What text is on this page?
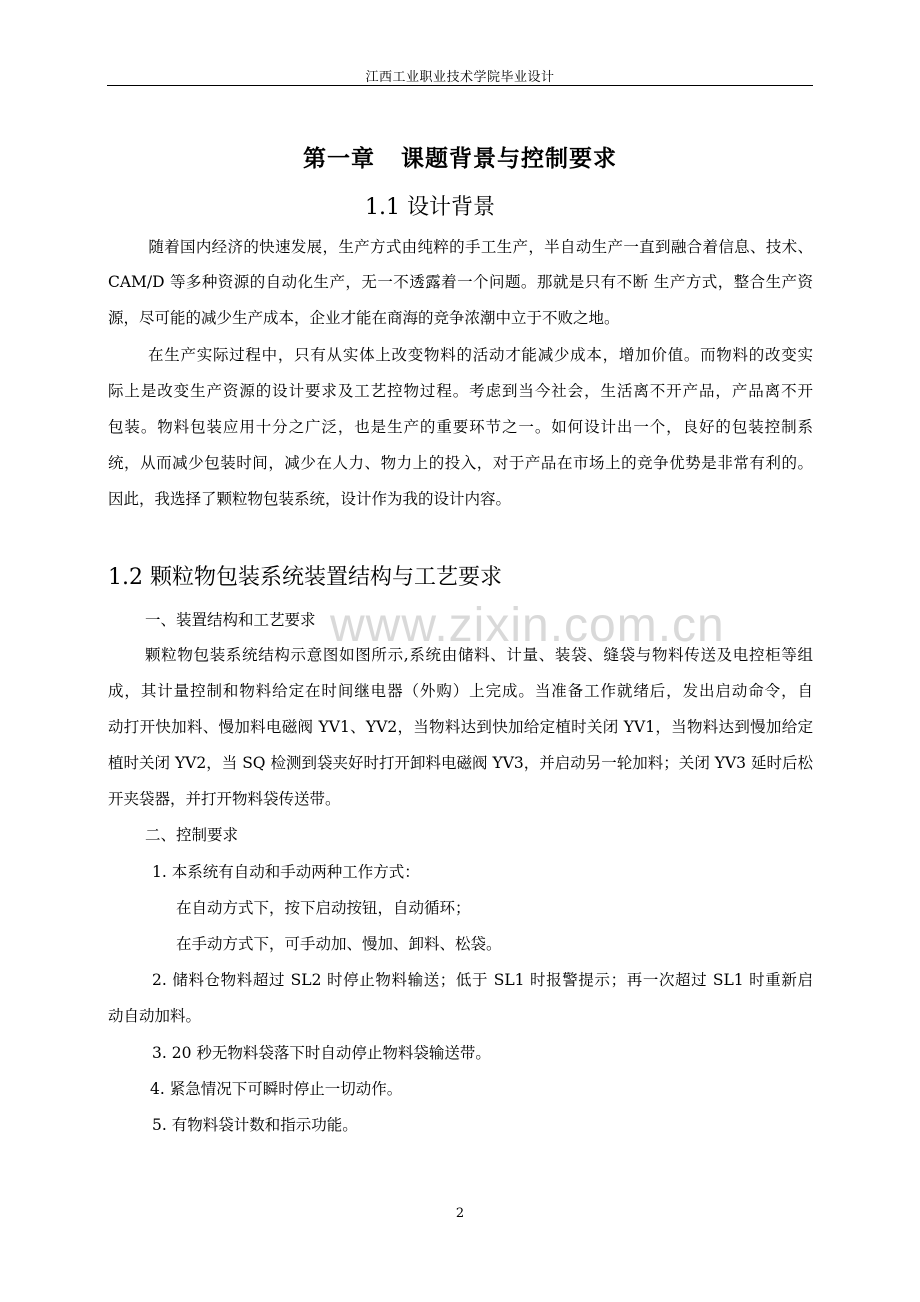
江西工业职业技术学院毕业设计
第一章 课题背景与控制要求
1.1 设计背景
随着国内经济的快速发展，生产方式由纯粹的手工生产，半自动生产一直到融合着信息、技术、
CAM/D 等多种资源的自动化生产，无一不透露着一个问题。那就是只有不断 生产方式，整合生产资
源，尽可能的减少生产成本，企业才能在商海的竞争浓潮中立于不败之地。
在生产实际过程中，只有从实体上改变物料的活动才能减少成本，增加价值。而物料的改变实
际上是改变生产资源的设计要求及工艺控物过程。考虑到当今社会，生活离不开产品，产品离不开
包装。物料包装应用十分之广泛，也是生产的重要环节之一。如何设计出一个，良好的包装控制系
统，从而减少包装时间，减少在人力、物力上的投入，对于产品在市场上的竞争优势是非常有利的。
因此，我选择了颗粒物包装系统，设计作为我的设计内容。
1.2 颗粒物包装系统装置结构与工艺要求
www.zixin.com.cn
一、装置结构和工艺要求
颗粒物包装系统结构示意图如图所示,系统由储料、计量、装袋、缝袋与物料传送及电控柜等组
成，其计量控制和物料给定在时间继电器（外购）上完成。当准备工作就绪后，发出启动命令，自
动打开快加料、慢加料电磁阀 YV1、YV2，当物料达到快加给定植时关闭 YV1，当物料达到慢加给定
植时关闭 YV2，当 SQ 检测到袋夹好时打开卸料电磁阀 YV3，并启动另一轮加料；关闭 YV3 延时后松
开夹袋器，并打开物料袋传送带。
二、控制要求
1. 本系统有自动和手动两种工作方式：
在自动方式下，按下启动按钮，自动循环；
在手动方式下，可手动加、慢加、卸料、松袋。
2. 储料仓物料超过 SL2 时停止物料输送；低于 SL1 时报警提示；再一次超过 SL1 时重新启
动自动加料。
3. 20 秒无物料袋落下时自动停止物料袋输送带。
4. 紧急情况下可瞬时停止一切动作。
5. 有物料袋计数和指示功能。
2
